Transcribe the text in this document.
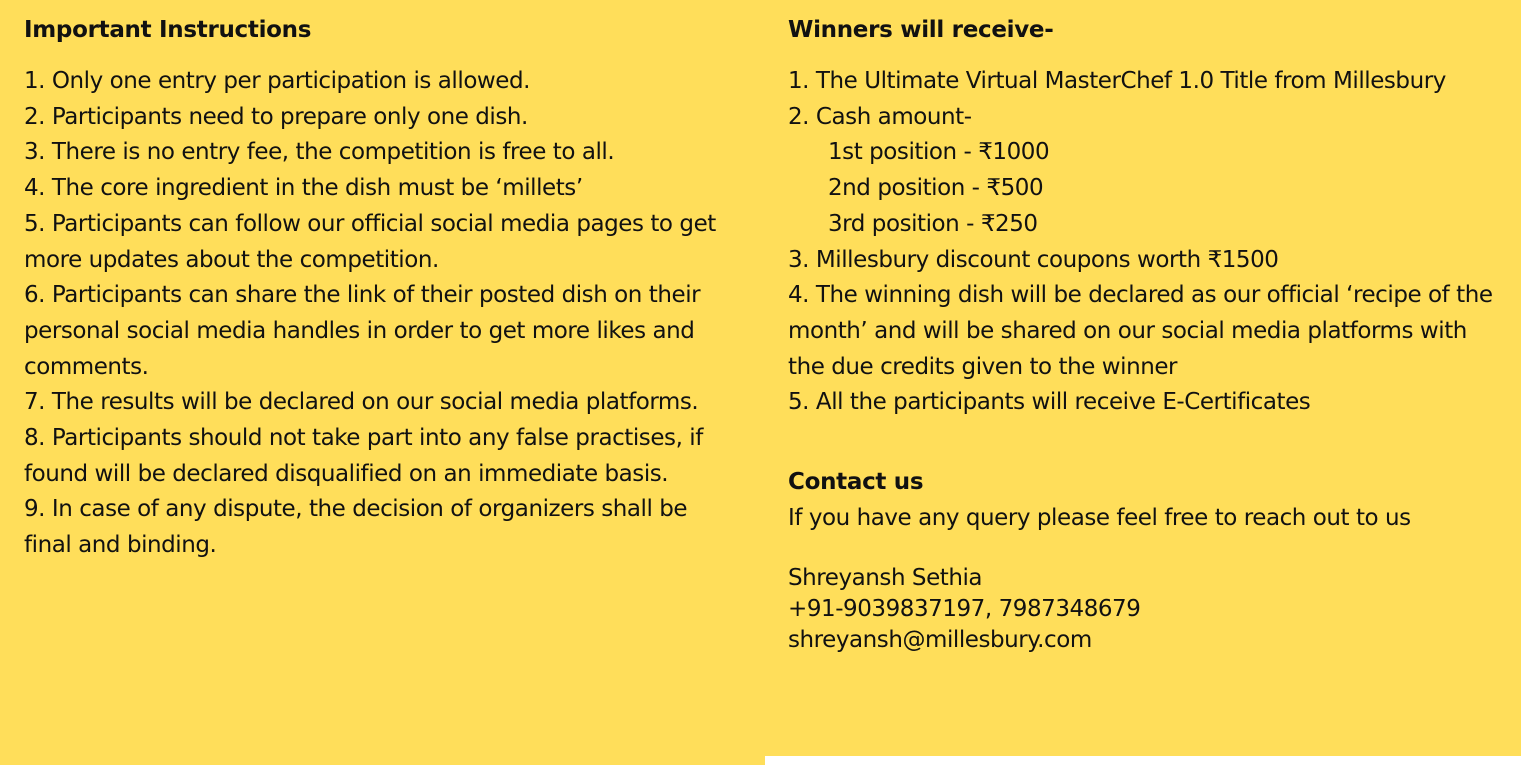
Important Instructions
1. Only one entry per participation is allowed.
2. Participants need to prepare only one dish.
3. There is no entry fee, the competition is free to all.
4. The core ingredient in the dish must be ‘millets’
5. Participants can follow our official social media pages to get more updates about the competition.
6. Participants can share the link of their posted dish on their personal social media handles in order to get more likes and comments.
7. The results will be declared on our social media platforms.
8. Participants should not take part into any false practises, if found will be declared disqualified on an immediate basis.
9. In case of any dispute, the decision of organizers shall be final and binding.
Winners will receive-
1. The Ultimate Virtual MasterChef 1.0 Title from Millesbury
2. Cash amount-
1st position - ₹1000
2nd position - ₹500
3rd position - ₹250
3. Millesbury discount coupons worth ₹1500
4. The winning dish will be declared as our official ‘recipe of the month’ and will be shared on our social media platforms with the due credits given to the winner
5. All the participants will receive E-Certificates
Contact us

If you have any query please feel free to reach out to us

Shreyansh Sethia
+91-9039837197, 7987348679
shreyansh@millesbury.com
